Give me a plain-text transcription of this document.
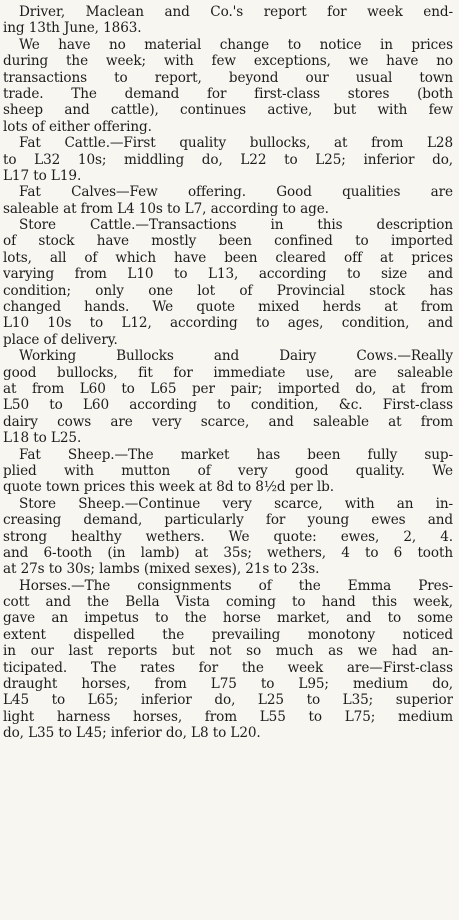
Driver, Maclean and Co.'s report for week end-
ing 13th June, 1863.
We have no material change to notice in prices
during the week; with few exceptions, we have no
transactions to report, beyond our usual town
trade. The demand for first-class stores (both
sheep and cattle), continues active, but with few
lots of either offering.
Fat Cattle.—First quality bullocks, at from L28
to L32 10s; middling do, L22 to L25; inferior do,
L17 to L19.
Fat Calves—Few offering. Good qualities are
saleable at from L4 10s to L7, according to age.
Store Cattle.—Transactions in this description
of stock have mostly been confined to imported
lots, all of which have been cleared off at prices
varying from L10 to L13, according to size and
condition; only one lot of Provincial stock has
changed hands. We quote mixed herds at from
L10 10s to L12, according to ages, condition, and
place of delivery.
Working Bullocks and Dairy Cows.—Really
good bullocks, fit for immediate use, are saleable
at from L60 to L65 per pair; imported do, at from
L50 to L60 according to condition, &c. First-class
dairy cows are very scarce, and saleable at from
L18 to L25.
Fat Sheep.—The market has been fully sup-
plied with mutton of very good quality. We
quote town prices this week at 8d to 8½d per lb.
Store Sheep.—Continue very scarce, with an in-
creasing demand, particularly for young ewes and
strong healthy wethers. We quote: ewes, 2, 4.
and 6-tooth (in lamb) at 35s; wethers, 4 to 6 tooth
at 27s to 30s; lambs (mixed sexes), 21s to 23s.
Horses.—The consignments of the Emma Pres-
cott and the Bella Vista coming to hand this week,
gave an impetus to the horse market, and to some
extent dispelled the prevailing monotony noticed
in our last reports but not so much as we had an-
ticipated. The rates for the week are—First-class
draught horses, from L75 to L95; medium do,
L45 to L65; inferior do, L25 to L35; superior
light harness horses, from L55 to L75; medium
do, L35 to L45; inferior do, L8 to L20.
